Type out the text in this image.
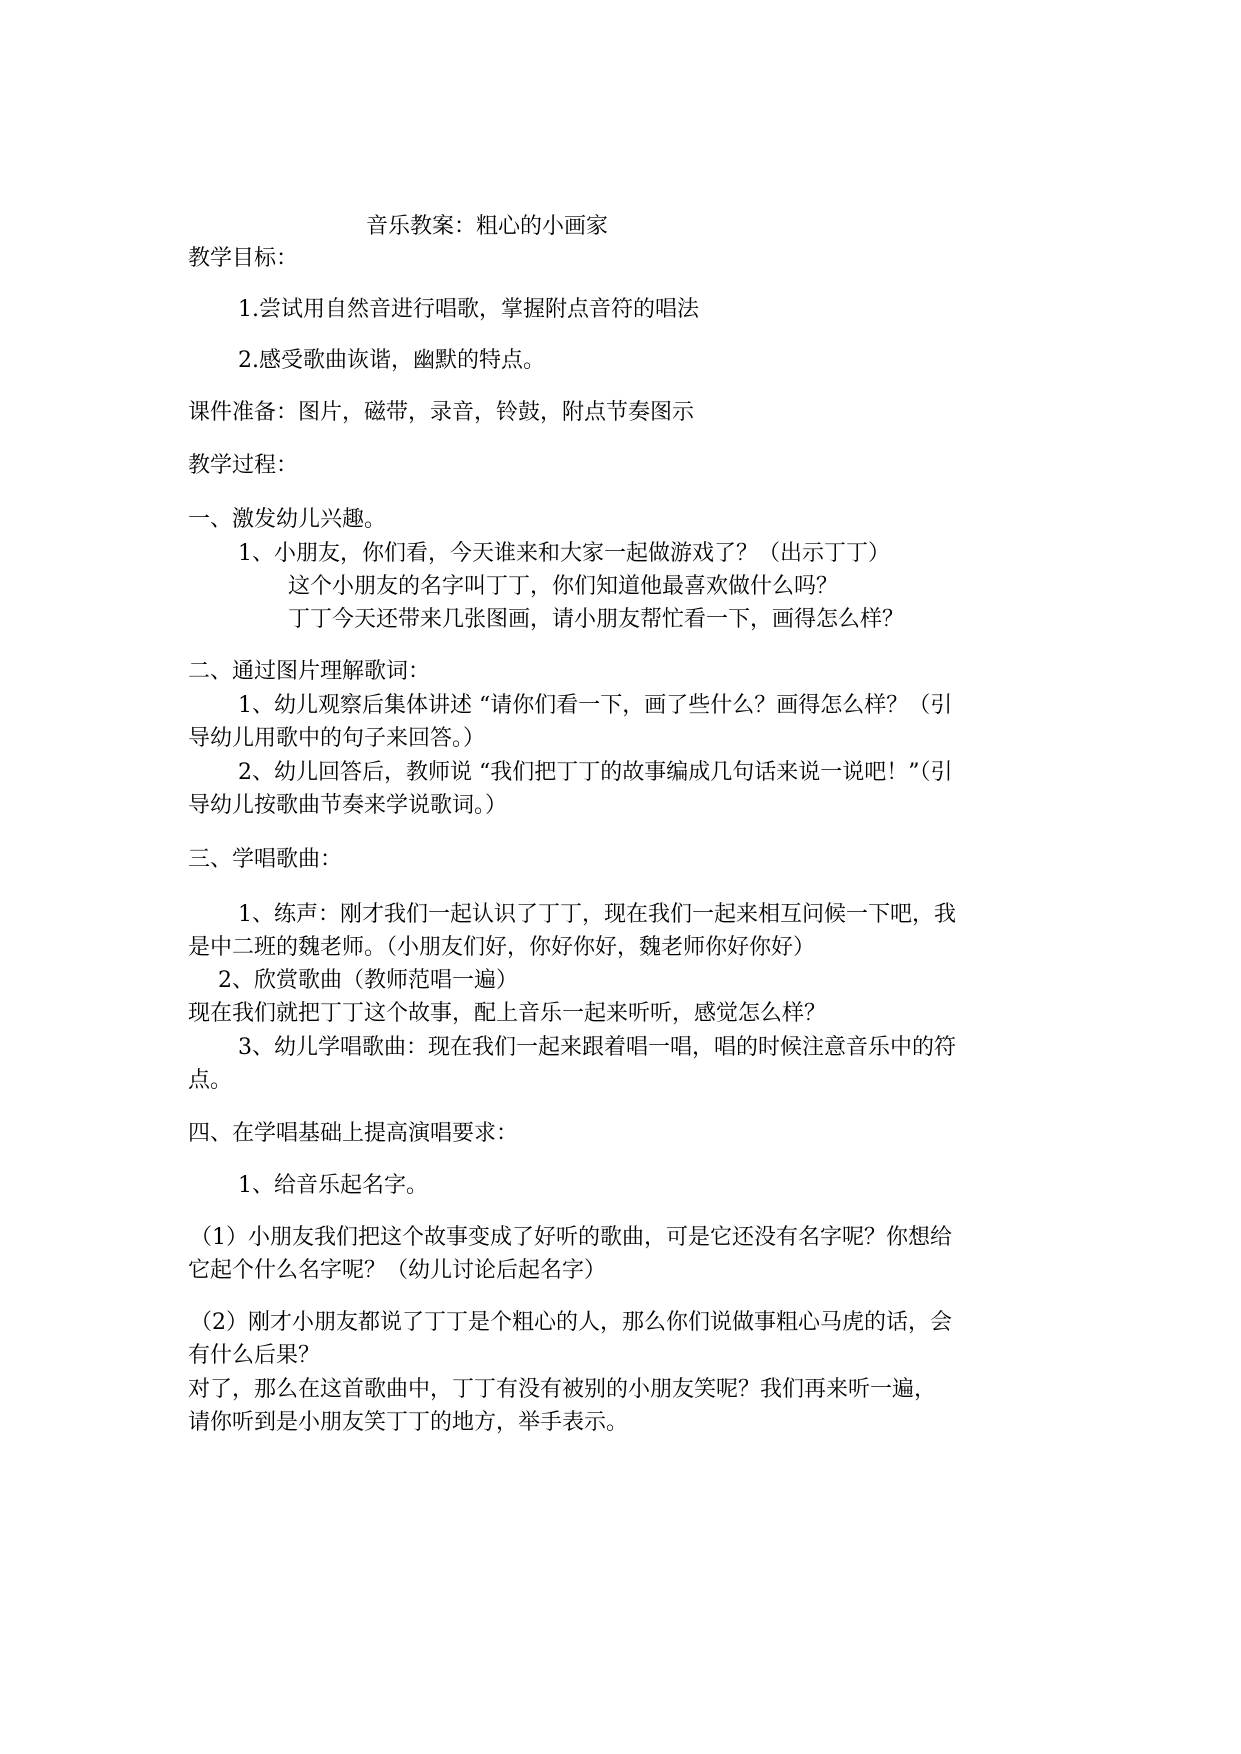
音乐教案：粗心的小画家
教学目标：
1.尝试用自然音进行唱歌，掌握附点音符的唱法
2.感受歌曲诙谐，幽默的特点。
课件准备：图片，磁带，录音，铃鼓，附点节奏图示
教学过程：
一、激发幼儿兴趣。
1、小朋友，你们看，今天谁来和大家一起做游戏了？（出示丁丁）
这个小朋友的名字叫丁丁，你们知道他最喜欢做什么吗？
丁丁今天还带来几张图画，请小朋友帮忙看一下，画得怎么样？
二、通过图片理解歌词：
1、幼儿观察后集体讲述 “请你们看一下，画了些什么？画得怎么样？（引
导幼儿用歌中的句子来回答。）
2、幼儿回答后，教师说 “我们把丁丁的故事编成几句话来说一说吧！”（引
导幼儿按歌曲节奏来学说歌词。）
三、学唱歌曲：
1、练声：刚才我们一起认识了丁丁，现在我们一起来相互问候一下吧，我
是中二班的魏老师。（小朋友们好，你好你好，魏老师你好你好）
2、欣赏歌曲（教师范唱一遍）
现在我们就把丁丁这个故事，配上音乐一起来听听，感觉怎么样？
3、幼儿学唱歌曲：现在我们一起来跟着唱一唱，唱的时候注意音乐中的符
点。
四、在学唱基础上提高演唱要求：
1、给音乐起名字。
（1）小朋友我们把这个故事变成了好听的歌曲，可是它还没有名字呢？你想给
它起个什么名字呢？（幼儿讨论后起名字）
（2）刚才小朋友都说了丁丁是个粗心的人，那么你们说做事粗心马虎的话，会
有什么后果？
对了，那么在这首歌曲中，丁丁有没有被别的小朋友笑呢？我们再来听一遍，
请你听到是小朋友笑丁丁的地方，举手表示。
